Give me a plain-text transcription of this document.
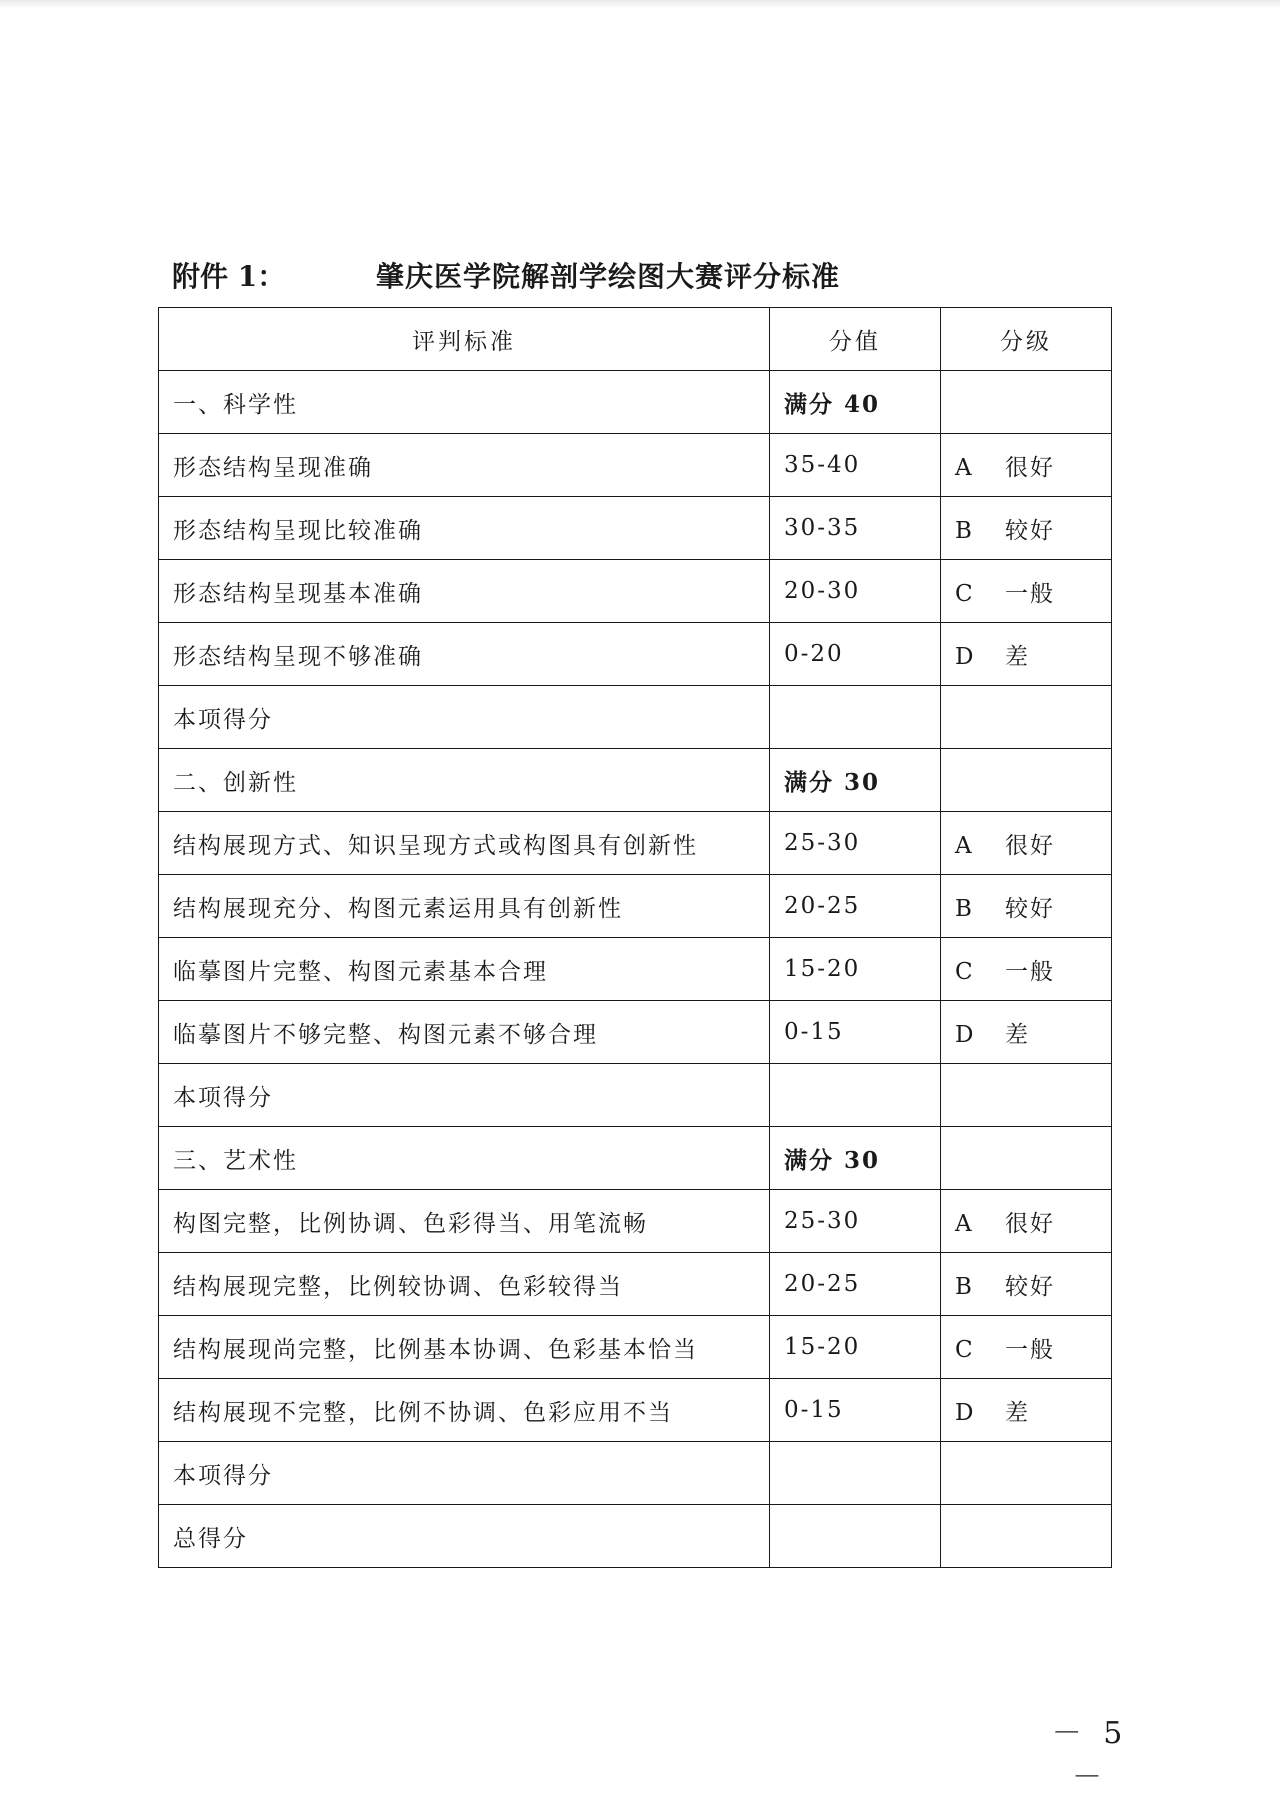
附件 1：	肇庆医学院解剖学绘图大赛评分标准
评判标准	分值	分级
一、科学性	满分 40	
形态结构呈现准确	35-40	A 很好
形态结构呈现比较准确	30-35	B 较好
形态结构呈现基本准确	20-30	C 一般
形态结构呈现不够准确	0-20	D 差
本项得分		
二、创新性	满分 30	
结构展现方式、知识呈现方式或构图具有创新性	25-30	A 很好
结构展现充分、构图元素运用具有创新性	20-25	B 较好
临摹图片完整、构图元素基本合理	15-20	C 一般
临摹图片不够完整、构图元素不够合理	0-15	D 差
本项得分		
三、艺术性	满分 30	
构图完整，比例协调、色彩得当、用笔流畅	25-30	A 很好
结构展现完整，比例较协调、色彩较得当	20-25	B 较好
结构展现尚完整，比例基本协调、色彩基本恰当	15-20	C 一般
结构展现不完整，比例不协调、色彩应用不当	0-15	D 差
本项得分		
总得分		
－ 5 －
